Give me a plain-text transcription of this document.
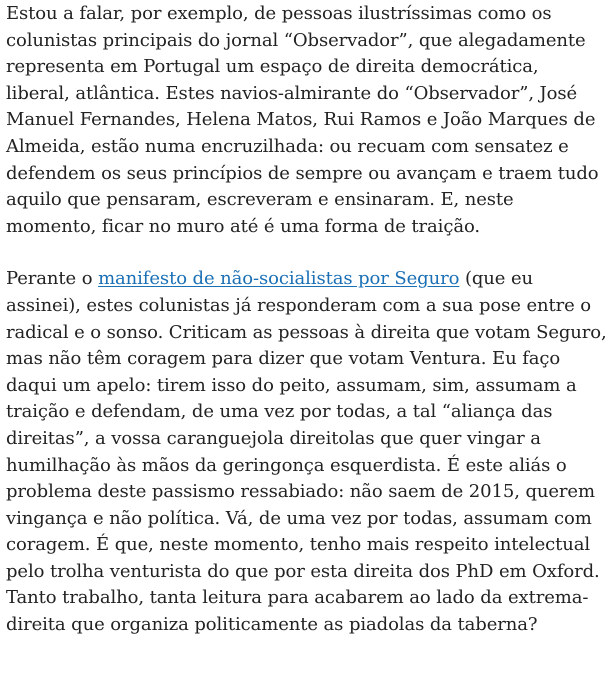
Estou a falar, por exemplo, de pessoas ilustríssimas como os
colunistas principais do jornal “Observador”, que alegadamente
representa em Portugal um espaço de direita democrática,
liberal, atlântica. Estes navios-almirante do “Observador”, José
Manuel Fernandes, Helena Matos, Rui Ramos e João Marques de
Almeida, estão numa encruzilhada: ou recuam com sensatez e
defendem os seus princípios de sempre ou avançam e traem tudo
aquilo que pensaram, escreveram e ensinaram. E, neste
momento, ficar no muro até é uma forma de traição.

Perante o manifesto de não-socialistas por Seguro (que eu
assinei), estes colunistas já responderam com a sua pose entre o
radical e o sonso. Criticam as pessoas à direita que votam Seguro,
mas não têm coragem para dizer que votam Ventura. Eu faço
daqui um apelo: tirem isso do peito, assumam, sim, assumam a
traição e defendam, de uma vez por todas, a tal “aliança das
direitas”, a vossa caranguejola direitolas que quer vingar a
humilhação às mãos da geringonça esquerdista. É este aliás o
problema deste passismo ressabiado: não saem de 2015, querem
vingança e não política. Vá, de uma vez por todas, assumam com
coragem. É que, neste momento, tenho mais respeito intelectual
pelo trolha venturista do que por esta direita dos PhD em Oxford.
Tanto trabalho, tanta leitura para acabarem ao lado da extrema-
direita que organiza politicamente as piadolas da taberna?
